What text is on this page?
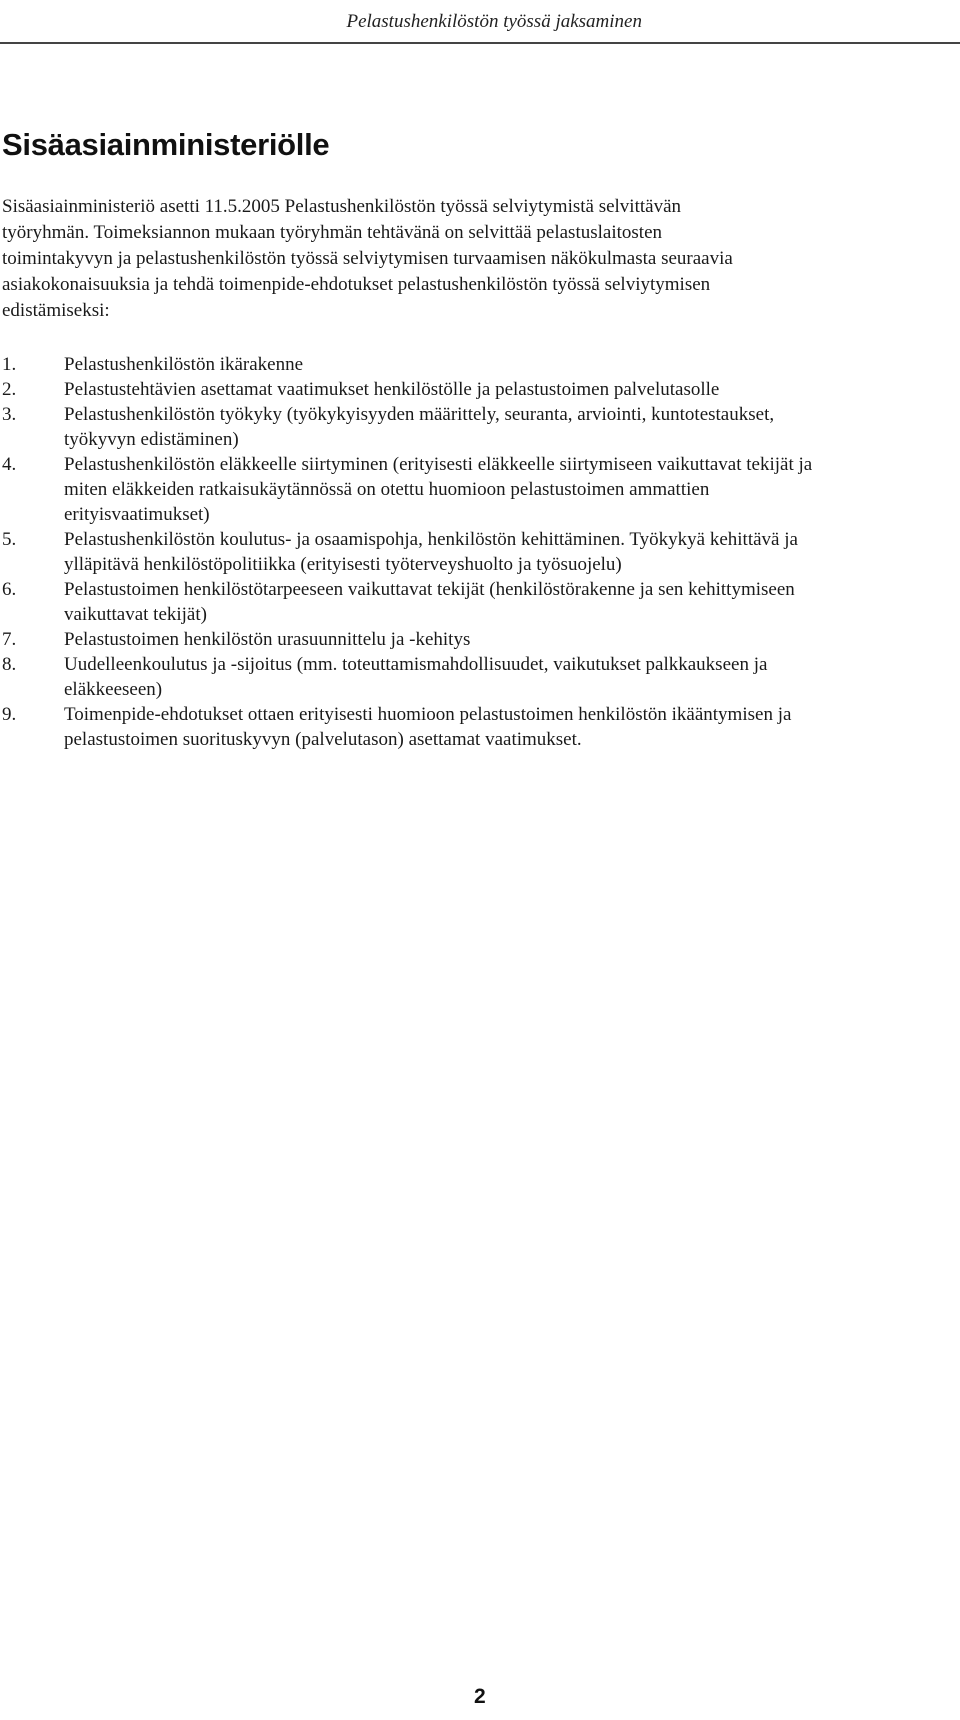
Pelastushenkilöstön työssä jaksaminen
Sisäasiainministeriölle

Sisäasiainministeriö asetti 11.5.2005 Pelastushenkilöstön työssä selviytymistä selvittävän
työryhmän. Toimeksiannon mukaan työryhmän tehtävänä on selvittää pelastuslaitosten
toimintakyvyn ja pelastushenkilöstön työssä selviytymisen turvaamisen näkökulmasta seuraavia
asiakokonaisuuksia ja tehdä toimenpide-ehdotukset pelastushenkilöstön työssä selviytymisen
edistämiseksi:

1.	Pelastushenkilöstön ikärakenne
2.	Pelastustehtävien asettamat vaatimukset henkilöstölle ja pelastustoimen palvelutasolle
3.	Pelastushenkilöstön työkyky (työkykyisyyden määrittely, seuranta, arviointi, kuntotestaukset,
työkyvyn edistäminen)
4.	Pelastushenkilöstön eläkkeelle siirtyminen (erityisesti eläkkeelle siirtymiseen vaikuttavat tekijät ja
miten eläkkeiden ratkaisukäytännössä on otettu huomioon pelastustoimen ammattien
erityisvaatimukset)
5.	Pelastushenkilöstön koulutus- ja osaamispohja, henkilöstön kehittäminen. Työkykyä kehittävä ja
ylläpitävä henkilöstöpolitiikka (erityisesti työterveyshuolto ja työsuojelu)
6.	Pelastustoimen henkilöstötarpeeseen vaikuttavat tekijät (henkilöstörakenne ja sen kehittymiseen
vaikuttavat tekijät)
7.	Pelastustoimen henkilöstön urasuunnittelu ja -kehitys
8.	Uudelleenkoulutus ja -sijoitus (mm. toteuttamismahdollisuudet, vaikutukset palkkaukseen ja
eläkkeeseen)
9.	Toimenpide-ehdotukset ottaen erityisesti huomioon pelastustoimen henkilöstön ikääntymisen ja
pelastustoimen suorituskyvyn (palvelutason) asettamat vaatimukset.
2
